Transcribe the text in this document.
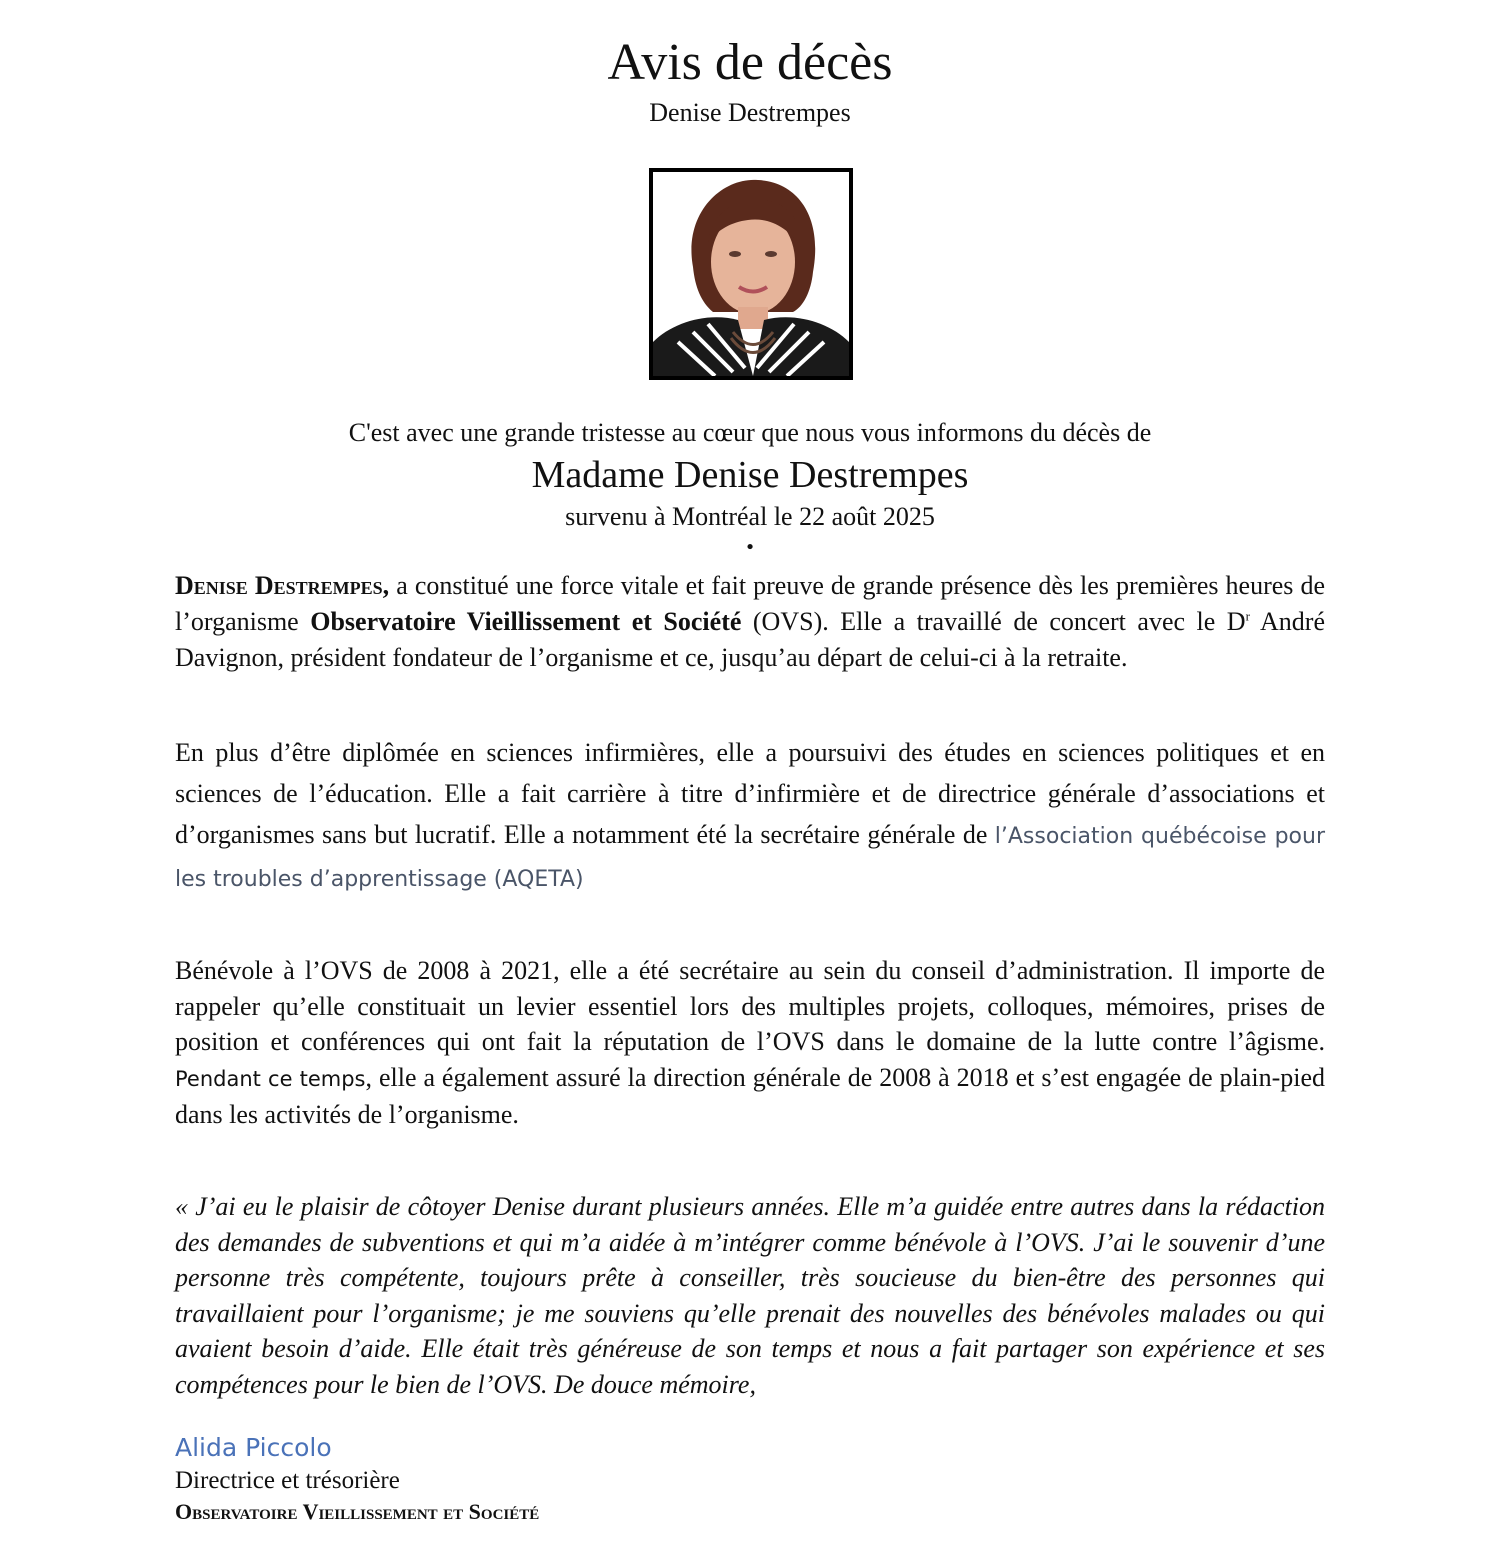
Avis de décès
Denise Destrempes
C'est avec une grande tristesse au cœur que nous vous informons du décès de
Madame Denise Destrempes
survenu à Montréal le 22 août 2025
•
Denise Destrempes, a constitué une force vitale et fait preuve de grande présence dès les premières heures de l’organisme Observatoire Vieillissement et Société (OVS). Elle a travaillé de concert avec le $D^r$ André Davignon, président fondateur de l’organisme et ce, jusqu’au départ de celui-ci à la retraite.
En plus d’être diplômée en sciences infirmières, elle a poursuivi des études en sciences politiques et en sciences de l’éducation. Elle a fait carrière à titre d’infirmière et de directrice générale d’associations et d’organismes sans but lucratif. Elle a notamment été la secrétaire générale de l’Association québécoise pour les troubles d’apprentissage (AQETA)
Bénévole à l’OVS de 2008 à 2021, elle a été secrétaire au sein du conseil d’administration. Il importe de rappeler qu’elle constituait un levier essentiel lors des multiples projets, colloques, mémoires, prises de position et conférences qui ont fait la réputation de l’OVS dans le domaine de la lutte contre l’âgisme. Pendant ce temps, elle a également assuré la direction générale de 2008 à 2018 et s’est engagée de plain-pied dans les activités de l’organisme.
« J’ai eu le plaisir de côtoyer Denise durant plusieurs années. Elle m’a guidée entre autres dans la rédaction des demandes de subventions et qui m’a aidée à m’intégrer comme bénévole à l’OVS. J’ai le souvenir d’une personne très compétente, toujours prête à conseiller, très soucieuse du bien-être des personnes qui travaillaient pour l’organisme; je me souviens qu’elle prenait des nouvelles des bénévoles malades ou qui avaient besoin d’aide. Elle était très généreuse de son temps et nous a fait partager son expérience et ses compétences pour le bien de l’OVS. De douce mémoire,
Alida Piccolo
Directrice et trésorière
Observatoire Vieillissement et Société
